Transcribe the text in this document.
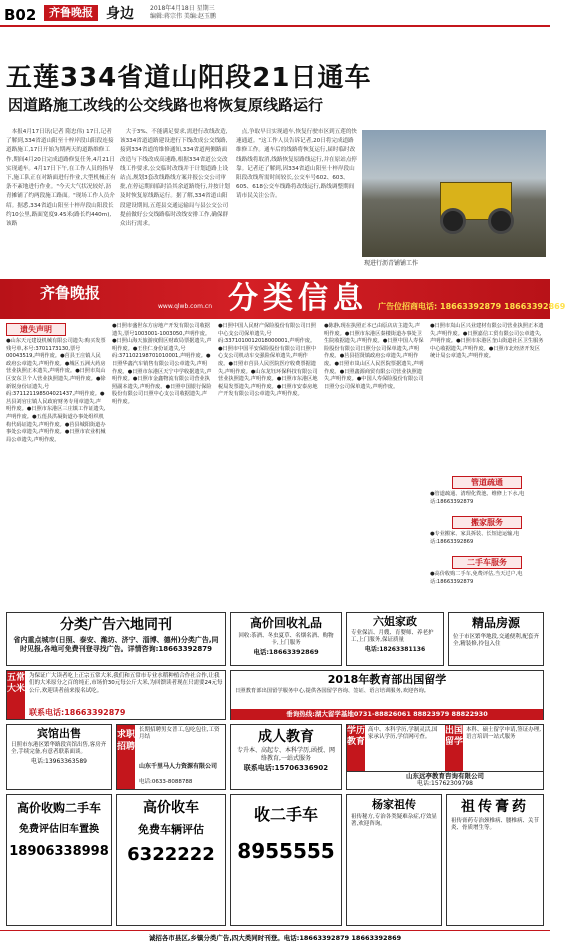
B02	齐鲁晚报 身边	2018年4月18日 星期三
编辑:蒋宗伟 美编:赵玉鹏
五莲334省道山阳段21日通车
因道路施工改线的公交线路也将恢复原线路运行
本报4月17日讯(记者 隋忠伟) 17日,记者了解到,334省道山阳至十梓岸段山阳段连接道路施工,17日开始为期两天的道路维修工作,期间4月20日完成道路修复任务,4月21日实现通车。4月17日下午,在工作人员的指导下,施工队正在对路面进行作业,大型机械正有条不紊地进行作业。"今天大气状况较好,沥青摊铺了约两段施工路面。"现场工作人员介绍。据悉,334省道山阳至十梓岸段山阳段长约10公里,路面宽度9.45米(路长约440m),该路
大于3%、不能满足要求,需进行改线改造,该334省道道路建设进行下线改成公交线路,接到334省道的维修通知,334省道两侧路面改造与下线改成高速路,根据334省道公交改线工作要求,公交临时改线并于计划道路上设站点,规划3套改线路线方案并报公交公司审批,在停运期间临时沿其余道路绕行,并按计划及时恢复原线路运行。据了解,334省道山阳段建设期间,五莲县交通运输局与县公交公司提前做好公交线路临时改线安排工作,确保群众出行需求。
点,争取早日实现通车,恢复行驶市区到五莲的快速通道。"这工作人员告诉记者,20日将完成道路维修工作。通车后的线路将恢复运行,届时临时改线路线将取消,线路恢复原路线运行,并在原站点停靠。记者还了解到,因334省道山阳至十梓岸段山阳段改线所需时间较长,公交车号602、603、605、618公交车线路将改线运行,路线调整期间请市民关注公告。
现进行沥青铺铺工作
齐鲁晚报
www.qlwb.com.cn 分类信息 广告位招商电话: 18663392879 18663392869
遗失声明
●山东天元建设机械有限公司遗失:购买发票残号单,本号:3701173130,票号00043519,声明作废。●莒县王庄镇人民政府公章遗失,声明作废。●城区五洲大药房营业执照正本遗失,声明作废。●日照市岚山区安东卫个人营业执照遗失,声明作废。●徐新锐身份证遗失,号码:371121198504021437,声明作废。●莒县刘官庄镇人民政府财务专用章遗失,声明作废。●日照市东港区三庄镇工作证遗失,声明作废。●五莲县洪凝街道办事处组织机构代码证遗失,声明作废。●莒县城阳街道办事处公章遗失,声明作废。●日照市农业机械局公章遗失,声明作废。
●日照市盛世东方房地产开发有限公司收据遗失,票号1003001-1003050,声明作废。●日照山海天旅游度假区财政局票据遗失,声明作废。●王佳仁身份证遗失,号码:371102198701010001,声明作废。●日照华鑫汽车销售有限公司公章遗失,声明作废。●日照市东港区天宁中学收据遗失,声明作废。●日照市金鑫物流有限公司营业执照副本遗失,声明作废。●日照中国银行保险股份有限公司日照中心支公司收据遗失,声明作废。
●日照中国人民财产保险股份有限公司日照中心支公司保单遗失,号码:3371010012018000001,声明作废。●日照市中国平安保险股份有限公司日照中心支公司机动车交强险保单遗失,声明作废。●日照市莒县人民医院医疗收费票据遗失,声明作废。●山东龙钰环保科技有限公司营业执照遗失,声明作废。●日照市东港区地税局发票遗失,声明作废。●日照市安泰房地产开发有限公司公章遗失,声明作废。
●陈静,现在执照正本已由原店店主遗失,声明作废。●日照市东港区秦楼街道办事处卫生院收据遗失,声明作废。●日照中国人寿保险股份有限公司日照分公司保单遗失,声明作废。●莒县招贤镇政府公章遗失,声明作废。●日照市岚山区人民医院票据遗失,声明作废。●日照鑫源商贸有限公司营业执照遗失,声明作废。●中国人寿保险股份有限公司日照分公司保单遗失,声明作废。
●日照市岚山区兴业建材有限公司营业执照正本遗失,声明作废。●日照嘉信工贸有限公司公章遗失,声明作废。●日照市东港区奎山街道社区卫生服务中心收据遗失,声明作废。●日照市北经济开发区统计局公章遗失,声明作废。
管道疏通
●管道疏通、清理化粪池、维修上下水,电话:18663392879
搬家服务
●专业搬家、家具拆装、长短途运输,电话:18663392869
二手车服务
●高价收购二手车,免费评估,当天过户,电话:18663392879
分类广告六地同刊
省内重点城市(日照、泰安、潍坊、济宁、淄博、德州)分类广告,同时见报,各地可免费刊登寻找广告。详情咨询:18663392879
高价回收礼品
回收:茶酒、冬虫夏草、名烟名酒、购物卡,上门服务
电话:18663392869
六姐家政
专业保洁、月嫂、育婴师、养老护工,上门服务,保证质量
电话:18263381136
精品房源
位于市区繁华地段,交通便利,配套齐全,精装修,拎包入住
五常大米
为保证广大读者吃上正宗五常大米,我们和五常市专业水稻种植合作社合作,让我们的大米原分之百的纯正,市场价30元每公斤大米,为回馈读者现在只需要24元每公斤,欢迎读者前来报名试吃。
联系电话:18663392879
2018年教育部出国留学
日照教育部出国留学服务中心,提供各国留学咨询、签证、语言培训服务,欢迎咨询。
垂询热线:湖大留学基地0731-88826061 88823979 88822930
宾馆出售
日照市东港区繁华路段宾馆出售,客房齐全,手续完备,有意者联系面谈。
电话:13963363589
求职招聘
长期招聘男女普工,包吃包住,工资月结
山东千里马人力资源有限公司
电话:0633-8088788
成人教育
专升本、高起专、本科学历,函授、网络教育,一站式服务
联系电话:15706336902
学历教育
高中、本科学历,学制灵活,国家承认学历,学信网可查。
出国留学
本科、硕士留学申请,签证办理,语言培训一站式服务
山东远亭教育咨询有限公司
电话:15762309798
高价收购二手车
免费评估旧车置换
18906338998
高价收车
免费车辆评估
6322222
收二手车
8955555
杨家祖传
祖传秘方,专治各类疑难杂症,疗效显著,欢迎咨询。
祖传膏药
祖传膏药专治颈椎病、腰椎病、关节炎、骨质增生等。
诚招各市县区,乡镇分类广告,四大类同时刊登。电话:18663392879 18663392869
